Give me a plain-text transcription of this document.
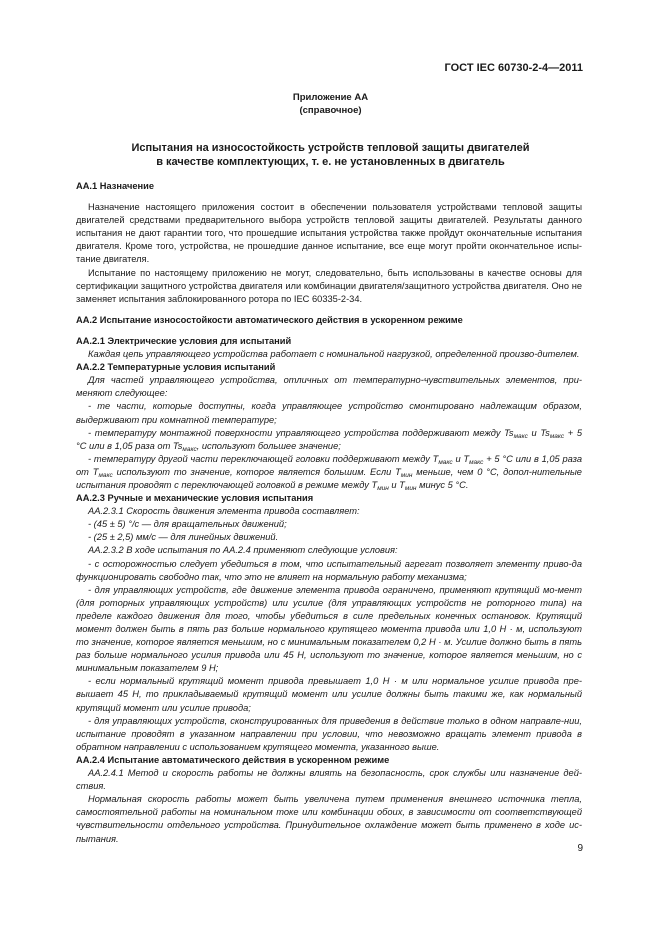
ГОСТ IEC 60730-2-4—2011
Приложение АА
(справочное)
Испытания на износостойкость устройств тепловой защиты двигателей
в качестве комплектующих, т. е. не установленных в двигатель

АА.1 Назначение

Назначение настоящего приложения состоит в обеспечении пользователя устройствами тепловой защиты двигателей средствами предварительного выбора устройств тепловой защиты двигателей. Результаты данного испытания не дают гарантии того, что прошедшие испытания устройства также пройдут окончательные испытания двигателя. Кроме того, устройства, не прошедшие данное испытание, все еще могут пройти окончательное испы-тание двигателя.

Испытание по настоящему приложению не могут, следовательно, быть использованы в качестве основы для сертификации защитного устройства двигателя или комбинации двигателя/защитного устройства двигателя. Оно не заменяет испытания заблокированного ротора по IEC 60335-2-34.

АА.2 Испытание износостойкости автоматического действия в ускоренном режиме

АА.2.1 Электрические условия для испытаний

Каждая цепь управляющего устройства работает с номинальной нагрузкой, определенной произво-дителем.

АА.2.2 Температурные условия испытаний

Для частей управляющего устройства, отличных от температурно-чувствительных элементов, при-меняют следующее:

- те части, которые доступны, когда управляющее устройство смонтировано надлежащим образом, выдерживают при комнатной температуре;

- температуру монтажной поверхности управляющего устройства поддерживают между $Ts_{макс}$ и $Ts_{макс} + 5$ °С или в 1,05 раза от $Ts_{макс}$, используют большее значение;

- температуру другой части переключающей головки поддерживают между $T_{макс}$ и $T_{макс} + 5$ °С или в 1,05 раза от $T_{макс}$ используют то значение, которое является большим. Если $T_{мин}$ меньше, чем 0 °С, допол-нительные испытания проводят с переключающей головкой в режиме между $T_{мин}$ и $T_{мин}$ минус 5 °С.

АА.2.3 Ручные и механические условия испытания

АА.2.3.1 Скорость движения элемента привода составляет:

- (45 ± 5) °/с — для вращательных движений;

- (25 ± 2,5) мм/с — для линейных движений.

АА.2.3.2 В ходе испытания по АА.2.4 применяют следующие условия:

- с осторожностью следует убедиться в том, что испытательный агрегат позволяет элементу приво-да функционировать свободно так, что это не влияет на нормальную работу механизма;

- для управляющих устройств, где движение элемента привода ограничено, применяют крутящий мо-мент (для роторных управляющих устройств) или усилие (для управляющих устройств не роторного типа) на пределе каждого движения для того, чтобы убедиться в силе предельных конечных остановок. Крутящий момент должен быть в пять раз больше нормального крутящего момента привода или 1,0 Н · м, используют то значение, которое является меньшим, но с минимальным показателем 0,2 Н · м. Усилие должно быть в пять раз больше нормального усилия привода или 45 Н, используют то значение, которое является меньшим, но с минимальным показателем 9 Н;

- если нормальный крутящий момент привода превышает 1,0 Н · м или нормальное усилие привода пре-вышает 45 Н, то прикладываемый крутящий момент или усилие должны быть такими же, как нормальный крутящий момент или усилие привода;

- для управляющих устройств, сконструированных для приведения в действие только в одном направле-нии, испытание проводят в указанном направлении при условии, что невозможно вращать элемент привода в обратном направлении с использованием крутящего момента, указанного выше.

АА.2.4 Испытание автоматического действия в ускоренном режиме

АА.2.4.1 Метод и скорость работы не должны влиять на безопасность, срок службы или назначение дей-ствия.

Нормальная скорость работы может быть увеличена путем применения внешнего источника тепла, самостоятельной работы на номинальном токе или комбинации обоих, в зависимости от соответствующей чувствительности отдельного устройства. Принудительное охлаждение может быть применено в ходе ис-пытания.

9
